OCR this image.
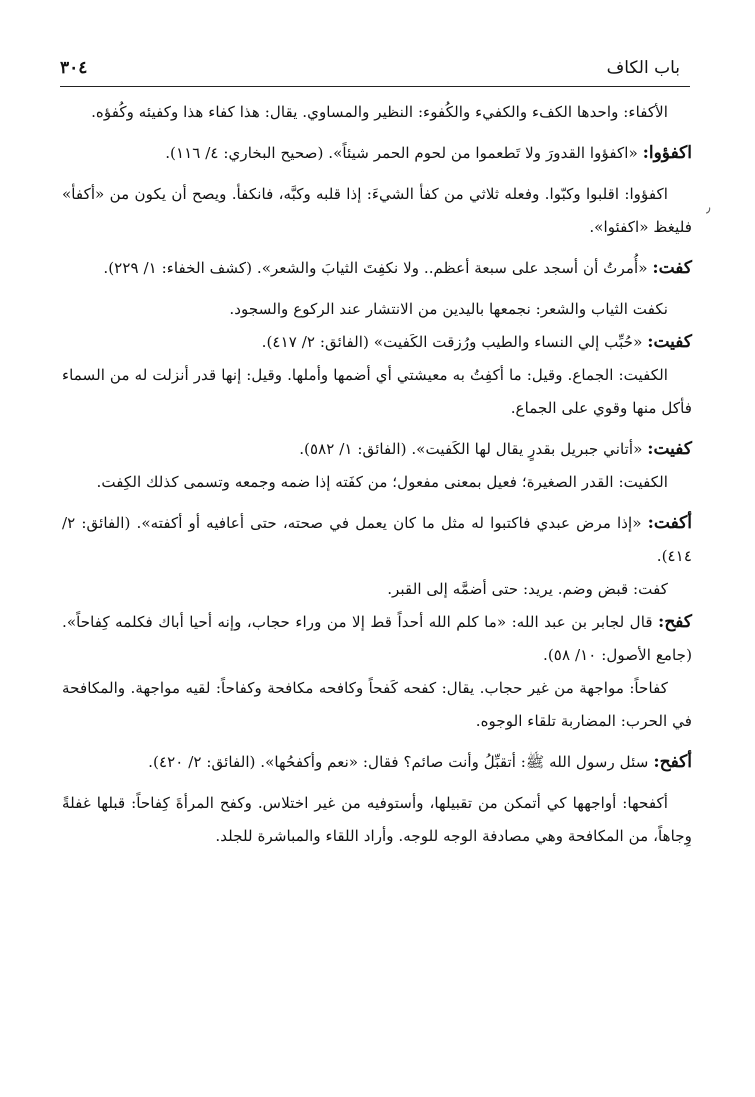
باب الكاف
٣٠٤
٫

الأكفاء: واحدها الكفء والكفيء والكُفوء: النظير والمساوي. يقال: هذا كفاء هذا وكفيئه وكُفؤه.

اكفؤوا: «اكفؤوا القدورَ ولا تَطعموا من لحوم الحمر شيئاً». (صحيح البخاري: ٤/ ١١٦).

اكفؤوا: اقلبوا وكبّوا. وفعله ثلاثي من كفأ الشيءَ: إذا قلبه وكبَّه، فانكفأ. ويصح أن يكون من «أكفأ» فليغظ «اكفئوا».

كفت: «أُمرتُ أن أسجد على سبعة أعظم.. ولا نكفِتَ الثيابَ والشعر». (كشف الخفاء: ١/ ٢٢٩).

نكفت الثياب والشعر: نجمعها باليدين من الانتشار عند الركوع والسجود.

كفيت: «حُبِّب إلي النساء والطيب ورُزقت الكَفيت» (الفائق: ٢/ ٤١٧).

الكفيت: الجماع. وقيل: ما أكفِتُ به معيشتي أي أضمها وأملها. وقيل: إنها قدر أنزلت له من السماء فأكل منها وقوي على الجماع.

كفيت: «أتاني جبريل بقدرٍ يقال لها الكَفيت». (الفائق: ١/ ٥٨٢).

الكفيت: القدر الصغيرة؛ فعيل بمعنى مفعول؛ من كفَته إذا ضمه وجمعه وتسمى كذلك الكِفت.

أكفت: «إذا مرض عبدي فاكتبوا له مثل ما كان يعمل في صحته، حتى أعافيه أو أكفته». (الفائق: ٢/ ٤١٤).

كفت: قبض وضم. يريد: حتى أضمَّه إلى القبر.

كفح: قال لجابر بن عبد الله: «ما كلم الله أحداً قط إلا من وراء حجاب، وإنه أحيا أباك فكلمه كِفاحاً». (جامع الأصول: ١٠/ ٥٨).

كفاحاً: مواجهة من غير حجاب. يقال: كفحه كَفحاً وكافحه مكافحة وكفاحاً: لقيه مواجهة. والمكافحة في الحرب: المضاربة تلقاء الوجوه.

أكفح: سئل رسول الله ﷺ: أتقبِّلُ وأنت صائم؟ فقال: «نعم وأكفحُها». (الفائق: ٢/ ٤٢٠).

أكفحها: أواجهها كي أتمكن من تقبيلها، وأستوفيه من غير اختلاس. وكفح المرأةَ كِفاحاً: قبلها غفلةً وِجاهاً، من المكافحة وهي مصادفة الوجه للوجه. وأراد اللقاء والمباشرة للجلد.
